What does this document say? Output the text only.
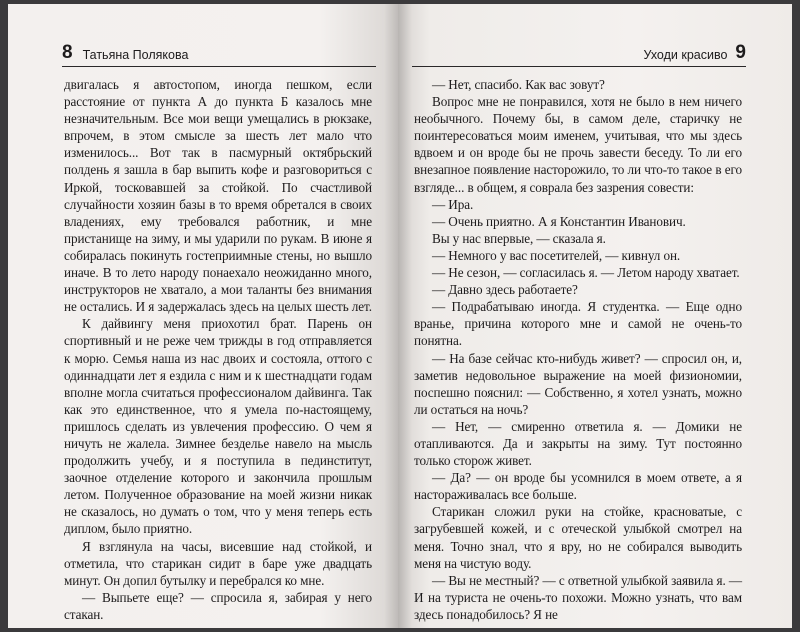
8 Татьяна Полякова

двигалась я автостопом, иногда пешком, если расстояние от пункта А до пункта Б казалось мне незначительным. Все мои вещи умещались в рюкзаке, впрочем, в этом смысле за шесть лет мало что изменилось... Вот так в пасмурный октябрьский полдень я зашла в бар выпить кофе и разговориться с Иркой, тосковавшей за стойкой. По счастливой случайности хозяин базы в то время обретался в своих владениях, ему требовался работник, и мне пристанище на зиму, и мы ударили по рукам. В июне я собиралась покинуть гостеприимные стены, но вышло иначе. В то лето народу понаехало неожиданно много, инструкторов не хватало, а мои таланты без внимания не остались. И я задержалась здесь на целых шесть лет.

К дайвингу меня приохотил брат. Парень он спортивный и не реже чем трижды в год отправляется к морю. Семья наша из нас двоих и состояла, оттого с одиннадцати лет я ездила с ним и к шестнадцати годам вполне могла считаться профессионалом дайвинга. Так как это единственное, что я умела по-настоящему, пришлось сделать из увлечения профессию. О чем я ничуть не жалела. Зимнее безделье навело на мысль продолжить учебу, и я поступила в пединститут, заочное отделение которого и закончила прошлым летом. Полученное образование на моей жизни никак не сказалось, но думать о том, что у меня теперь есть диплом, было приятно.

Я взглянула на часы, висевшие над стойкой, и отметила, что старикан сидит в баре уже двадцать минут. Он допил бутылку и перебрался ко мне.

— Выпьете еще? — спросила я, забирая у него стакан.

Уходи красиво 9

— Нет, спасибо. Как вас зовут?

Вопрос мне не понравился, хотя не было в нем ничего необычного. Почему бы, в самом деле, старичку не поинтересоваться моим именем, учитывая, что мы здесь вдвоем и он вроде бы не прочь завести беседу. То ли его внезапное появление насторожило, то ли что-то такое в его взгляде... в общем, я соврала без зазрения совести:

— Ира.

— Очень приятно. А я Константин Иванович.

Вы у нас впервые, — сказала я.

— Немного у вас посетителей, — кивнул он.

— Не сезон, — согласилась я. — Летом народу хватает.

— Давно здесь работаете?

— Подрабатываю иногда. Я студентка. — Еще одно вранье, причина которого мне и самой не очень-то понятна.

— На базе сейчас кто-нибудь живет? — спросил он, и, заметив недовольное выражение на моей физиономии, поспешно пояснил: — Собственно, я хотел узнать, можно ли остаться на ночь?

— Нет, — смиренно ответила я. — Домики не отапливаются. Да и закрыты на зиму. Тут постоянно только сторож живет.

— Да? — он вроде бы усомнился в моем ответе, а я настораживалась все больше.

Старикан сложил руки на стойке, красноватые, с загрубевшей кожей, и с отеческой улыбкой смотрел на меня. Точно знал, что я вру, но не собирался выводить меня на чистую воду.

— Вы не местный? — с ответной улыбкой заявила я. — И на туриста не очень-то похожи. Можно узнать, что вам здесь понадобилось? Я не
